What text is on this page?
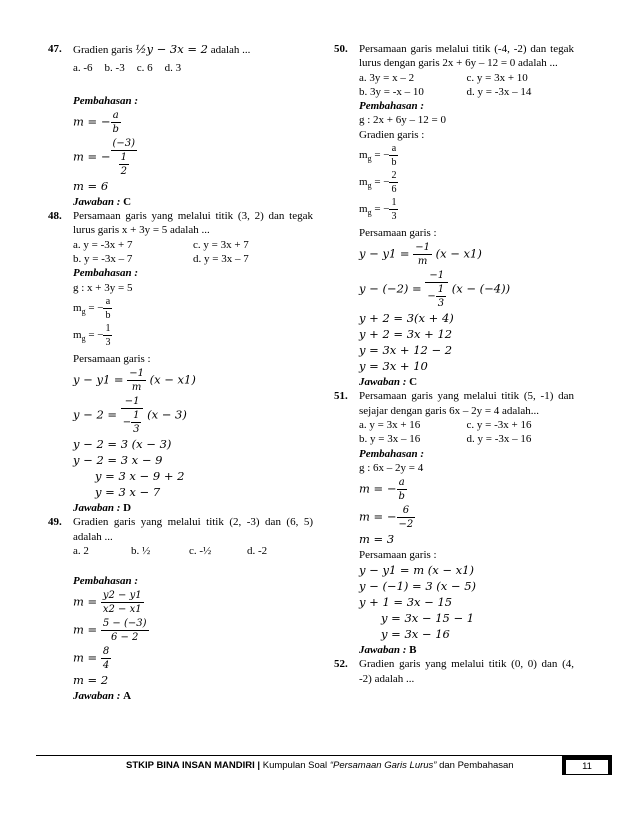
47.	Gradien garis ½y − 3x = 2 adalah ...
a. -6 b. -3 c. 6 d. 3
Pembahasan :
m = − $\frac{a}{b}$
m = − $\frac{(-3)}{\frac{1}{2}}$
m = 6
Jawaban : C
48.	Persamaan garis yang melalui titik (3, 2) dan tegak lurus garis x + 3y = 5 adalah ...
a. y = -3x + 7	c. y = 3x + 7
b. y = -3x – 7	d. y = 3x – 7
Pembahasan :
g : x + 3y = 5
$m_g$ = − $\frac{a}{b}$
$m_g$ = − $\frac{1}{3}$
Persamaan garis :
$y - y1 = \frac{-1}{m} (x - x1)$
$y - 2 = \frac{-1}{- \frac{1}{3}} (x - 3)$
y − 2 = 3 (x − 3)
y − 2 = 3 x − 9
y = 3 x − 9 + 2
y = 3 x − 7
Jawaban : D
49.	Gradien garis yang melalui titik (2, -3) dan (6, 5) adalah ...
a. 2	b. ½	c. -½	d. -2
Pembahasan :
$m = \frac{y2 - y1}{x2 - x1}$
$m = \frac{5 - (-3)}{6 - 2}$
$m = \frac{8}{4}$
m = 2
Jawaban : A
50.	Persamaan garis melalui titik (-4, -2) dan tegak lurus dengan garis 2x + 6y – 12 = 0 adalah ...
a. 3y = x – 2	c. y = 3x + 10
b. 3y = -x – 10	d. y = -3x – 14
Pembahasan :
g : 2x + 6y – 12 = 0
Gradien garis :
$m_g$ = − $\frac{a}{b}$
$m_g$ = − $\frac{2}{6}$
$m_g$ = − $\frac{1}{3}$
Persamaan garis :
$y - y1 = \frac{-1}{m} (x - x1)$
$y - (-2) = \frac{-1}{- \frac{1}{3}} (x - (-4))$
y + 2 = 3(x + 4)
y + 2 = 3x + 12
y = 3x + 12 − 2
y = 3x + 10
Jawaban : C
51.	Persamaan garis yang melalui titik (5, -1) dan sejajar dengan garis 6x – 2y = 4 adalah...
a. y = 3x + 16	c. y = -3x + 16
b. y = 3x – 16	d. y = -3x – 16
Pembahasan :
g : 6x – 2y = 4
m = − $\frac{a}{b}$
m = − $\frac{6}{-2}$
m = 3
Persamaan garis :
y − y1 = m (x − x1)
y − (−1) = 3 (x − 5)
y + 1 = 3x − 15
y = 3x − 15 − 1
y = 3x − 16
Jawaban : B
52.	Gradien garis yang melalui titik (0, 0) dan (4, -2) adalah ...
STKIP BINA INSAN MANDIRI | Kumpulan Soal “Persamaan Garis Lurus” dan Pembahasan	11
